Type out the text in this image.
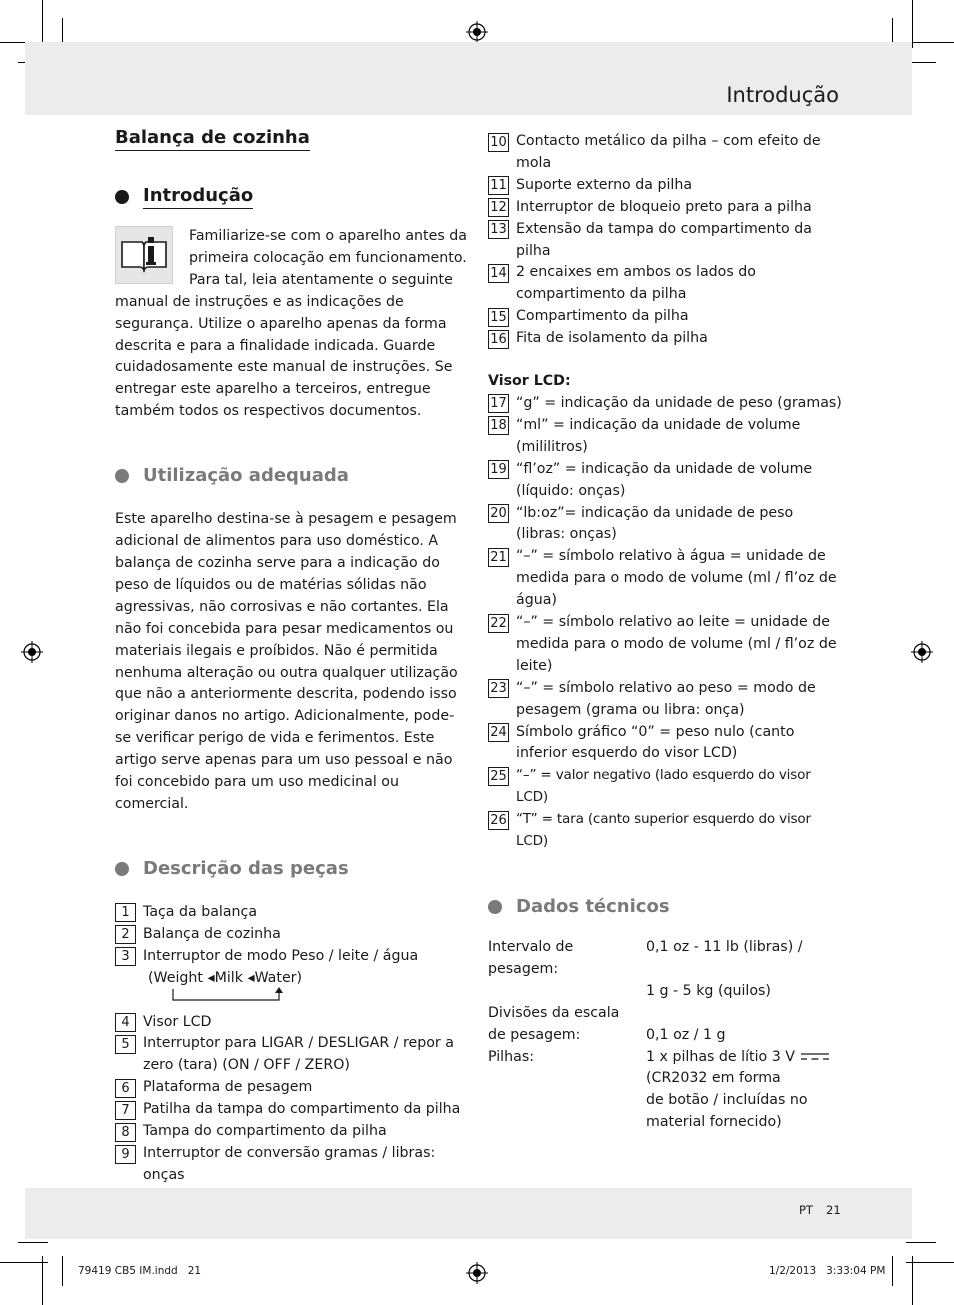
Introdução
Balança de cozinha
Introdução

Familiarize-se com o aparelho antes da primeira colocação em funcionamento. Para tal, leia atentamente o seguinte manual de instruções e as indicações de segurança. Utilize o aparelho apenas da forma descrita e para a finalidade indicada. Guarde cuidadosamente este manual de instruções. Se entregar este aparelho a terceiros, entregue também todos os respectivos documentos.

Utilização adequada

Este aparelho destina-se à pesagem e pesagem adicional de alimentos para uso doméstico. A balança de cozinha serve para a indicação do peso de líquidos ou de matérias sólidas não agressivas, não corrosivas e não cortantes. Ela não foi concebida para pesar medicamentos ou materiais ilegais e proíbidos. Não é permitida nenhuma alteração ou outra qualquer utilização que não a anteriormente descrita, podendo isso originar danos no artigo. Adicionalmente, pode-se verificar perigo de vida e ferimentos. Este artigo serve apenas para um uso pessoal e não foi concebido para um uso medicinal ou comercial.

Descrição das peças
1 Taça da balança
2 Balança de cozinha
3 Interruptor de modo Peso / leite / água
(Weight ◂Milk ◂Water)
4 Visor LCD
5 Interruptor para LIGAR / DESLIGAR / repor a zero (tara) (ON / OFF / ZERO)
6 Plataforma de pesagem
7 Patilha da tampa do compartimento da pilha
8 Tampa do compartimento da pilha
9 Interruptor de conversão gramas / libras: onças
10 Contacto metálico da pilha – com efeito de mola
11 Suporte externo da pilha
12 Interruptor de bloqueio preto para a pilha
13 Extensão da tampa do compartimento da pilha
14 2 encaixes em ambos os lados do compartimento da pilha
15 Compartimento da pilha
16 Fita de isolamento da pilha
Visor LCD:
17 “g” = indicação da unidade de peso (gramas)
18 “ml” = indicação da unidade de volume (mililitros)
19 “fl’oz” = indicação da unidade de volume (líquido: onças)
20 “lb:oz”= indicação da unidade de peso (libras: onças)
21 “–” = símbolo relativo à água = unidade de medida para o modo de volume (ml / fl’oz de água)
22 “–” = símbolo relativo ao leite = unidade de medida para o modo de volume (ml / fl’oz de leite)
23 “–” = símbolo relativo ao peso = modo de pesagem (grama ou libra: onça)
24 Símbolo gráfico “0” = peso nulo (canto inferior esquerdo do visor LCD)
25 “–” = valor negativo (lado esquerdo do visor LCD)
26 “T” = tara (canto superior esquerdo do visor LCD)
Dados técnicos
Intervalo de pesagem:
0,1 oz - 11 lb (libras) /
1 g - 5 kg (quilos)
Divisões da escala
de pesagem:	0,1 oz / 1 g
Pilhas:	1 x pilhas de lítio 3 V
(CR2032 em forma
de botão / incluídas no
material fornecido)
PT 21
79419 CB5 IM.indd   21	1/2/2013   3:33:04 PM
